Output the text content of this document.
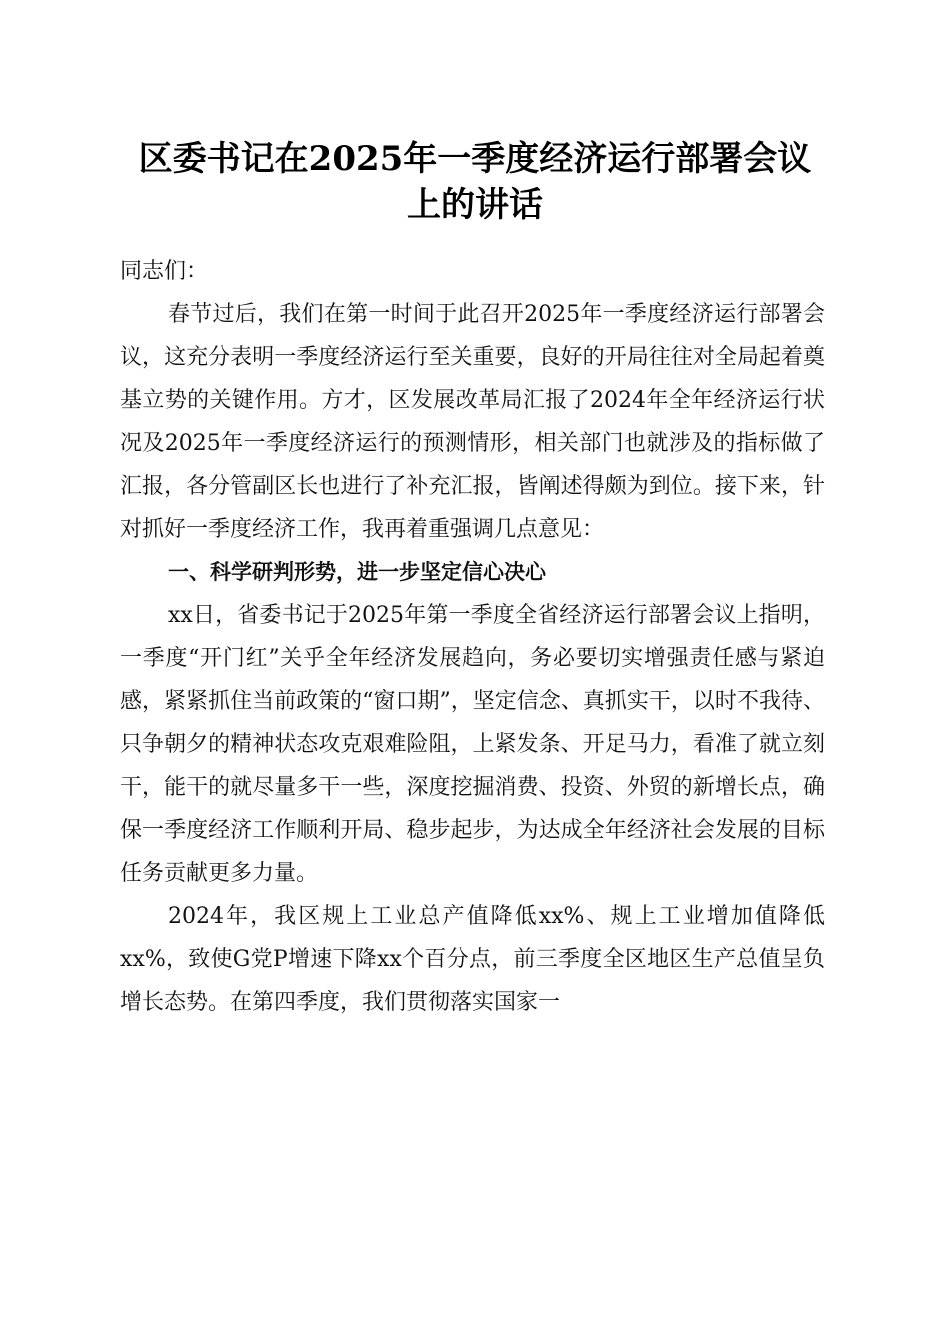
区委书记在2025年一季度经济运行部署会议
上的讲话

同志们：

春节过后，我们在第一时间于此召开2025年一季度经济运行部署会议，这充分表明一季度经济运行至关重要，良好的开局往往对全局起着奠基立势的关键作用。方才，区发展改革局汇报了2024年全年经济运行状况及2025年一季度经济运行的预测情形，相关部门也就涉及的指标做了汇报，各分管副区长也进行了补充汇报，皆阐述得颇为到位。接下来，针对抓好一季度经济工作，我再着重强调几点意见：

一、科学研判形势，进一步坚定信心决心

xx日，省委书记于2025年第一季度全省经济运行部署会议上指明，一季度“开门红”关乎全年经济发展趋向，务必要切实增强责任感与紧迫感，紧紧抓住当前政策的“窗口期”，坚定信念、真抓实干，以时不我待、只争朝夕的精神状态攻克艰难险阻，上紧发条、开足马力，看准了就立刻干，能干的就尽量多干一些，深度挖掘消费、投资、外贸的新增长点，确保一季度经济工作顺利开局、稳步起步，为达成全年经济社会发展的目标任务贡献更多力量。

2024年，我区规上工业总产值降低xx%、规上工业增加值降低xx%，致使G党P增速下降xx个百分点，前三季度全区地区生产总值呈负增长态势。在第四季度，我们贯彻落实国家一
